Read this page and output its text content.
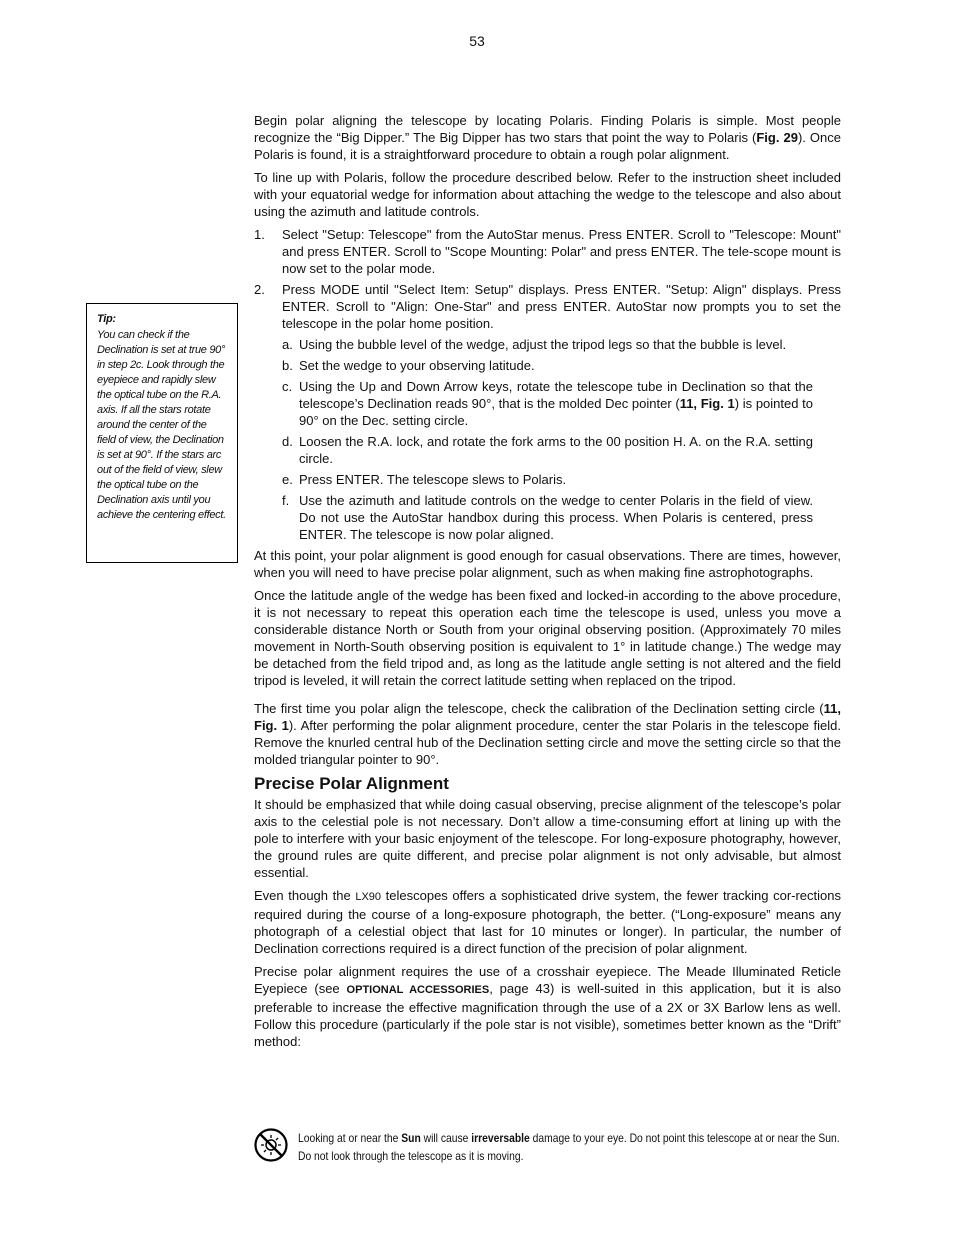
53
Tip:
You can check if the Declination is set at true 90° in step 2c. Look through the eyepiece and rapidly slew the optical tube on the R.A. axis. If all the stars rotate around the center of the field of view, the Declination is set at 90°. If the stars arc out of the field of view, slew the optical tube on the Declination axis until you achieve the centering effect.

Begin polar aligning the telescope by locating Polaris. Finding Polaris is simple. Most people recognize the “Big Dipper.” The Big Dipper has two stars that point the way to Polaris (Fig. 29). Once Polaris is found, it is a straightforward procedure to obtain a rough polar alignment.

To line up with Polaris, follow the procedure described below. Refer to the instruction sheet included with your equatorial wedge for information about attaching the wedge to the telescope and also about using the azimuth and latitude controls.

1. Select "Setup: Telescope" from the AutoStar menus. Press ENTER. Scroll to "Telescope: Mount" and press ENTER. Scroll to "Scope Mounting: Polar" and press ENTER. The tele-scope mount is now set to the polar mode.
2. Press MODE until "Select Item: Setup" displays. Press ENTER. "Setup: Align" displays. Press ENTER. Scroll to "Align: One-Star" and press ENTER. AutoStar now prompts you to set the telescope in the polar home position.
a. Using the bubble level of the wedge, adjust the tripod legs so that the bubble is level.
b. Set the wedge to your observing latitude.
c. Using the Up and Down Arrow keys, rotate the telescope tube in Declination so that the telescope’s Declination reads 90°, that is the molded Dec pointer (11, Fig. 1) is pointed to 90° on the Dec. setting circle.
d. Loosen the R.A. lock, and rotate the fork arms to the 00 position H. A. on the R.A. setting circle.
e. Press ENTER. The telescope slews to Polaris.
f. Use the azimuth and latitude controls on the wedge to center Polaris in the field of view. Do not use the AutoStar handbox during this process. When Polaris is centered, press ENTER. The telescope is now polar aligned.

At this point, your polar alignment is good enough for casual observations. There are times, however, when you will need to have precise polar alignment, such as when making fine astrophotographs.

Once the latitude angle of the wedge has been fixed and locked-in according to the above procedure, it is not necessary to repeat this operation each time the telescope is used, unless you move a considerable distance North or South from your original observing position. (Approximately 70 miles movement in North-South observing position is equivalent to 1° in latitude change.) The wedge may be detached from the field tripod and, as long as the latitude angle setting is not altered and the field tripod is leveled, it will retain the correct latitude setting when replaced on the tripod.

The first time you polar align the telescope, check the calibration of the Declination setting circle (11, Fig. 1). After performing the polar alignment procedure, center the star Polaris in the telescope field. Remove the knurled central hub of the Declination setting circle and move the setting circle so that the molded triangular pointer to 90°.

Precise Polar Alignment

It should be emphasized that while doing casual observing, precise alignment of the telescope’s polar axis to the celestial pole is not necessary. Don’t allow a time-consuming effort at lining up with the pole to interfere with your basic enjoyment of the telescope. For long-exposure photography, however, the ground rules are quite different, and precise polar alignment is not only advisable, but almost essential.

Even though the LX90 telescopes offers a sophisticated drive system, the fewer tracking cor-rections required during the course of a long-exposure photograph, the better. (“Long-exposure” means any photograph of a celestial object that last for 10 minutes or longer). In particular, the number of Declination corrections required is a direct function of the precision of polar alignment.

Precise polar alignment requires the use of a crosshair eyepiece. The Meade Illuminated Reticle Eyepiece (see OPTIONAL ACCESSORIES, page 43) is well-suited in this application, but it is also preferable to increase the effective magnification through the use of a 2X or 3X Barlow lens as well. Follow this procedure (particularly if the pole star is not visible), sometimes better known as the “Drift” method:

Looking at or near the Sun will cause irreversable damage to your eye. Do not point this telescope at or near the Sun. Do not look through the telescope as it is moving.
